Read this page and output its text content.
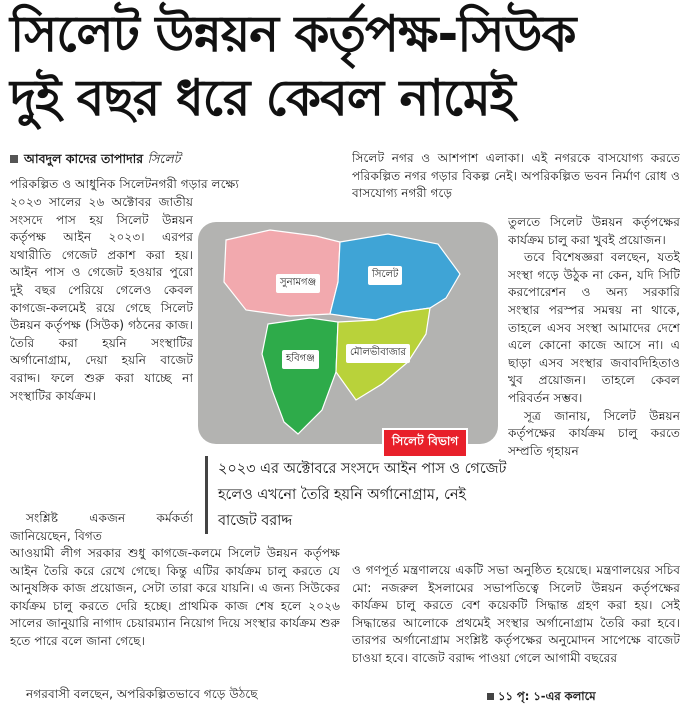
সিলেট উন্নয়ন কর্তৃপক্ষ-সিউক
দুই বছর ধরে কেবল নামেই
আবদুল কাদের তাপাদার সিলেট
পরিকল্পিত ও আধুনিক সিলেটনগরী গড়ার লক্ষ্যে

২০২৩ সালের ২৬ অক্টোবর জাতীয় সংসদে পাস হয় সিলেট উন্নয়ন কর্তৃপক্ষ আইন ২০২৩। এরপর যথারীতি গেজেট প্রকাশ করা হয়। আইন পাস ও গেজেট হওয়ার পুরো দুই বছর পেরিয়ে গেলেও কেবল কাগজে-কলমেই রয়ে গেছে সিলেট উন্নয়ন কর্তৃপক্ষ (সিউক) গঠনের কাজ। তৈরি করা হয়নি সংস্থাটির অর্গানোগ্রাম, দেয়া হয়নি বাজেট বরাদ্দ। ফলে শুরু করা যাচ্ছে না সংস্থাটির কার্যক্রম।

সংশ্লিষ্ট একজন কর্মকর্তা জানিয়েছেন, বিগত
আওয়ামী লীগ সরকার শুধু কাগজে-কলমে সিলেট উন্নয়ন কর্তৃপক্ষ আইন তৈরি করে রেখে গেছে। কিন্তু এটির কার্যক্রম চালু করতে যে আনুষঙ্গিক কাজ প্রয়োজন, সেটা তারা করে যায়নি। এ জন্য সিউকের কার্যক্রম চালু করতে দেরি হচ্ছে। প্রাথমিক কাজ শেষ হলে ২০২৬ সালের জানুয়ারি নাগাদ চেয়ারম্যান নিয়োগ দিয়ে সংস্থার কার্যক্রম শুরু হতে পারে বলে জানা গেছে।
নগরবাসী বলছেন, অপরিকল্পিতভাবে গড়ে উঠছে
সিলেট নগর ও আশপাশ এলাকা। এই নগরকে বাসযোগ্য করতে পরিকল্পিত নগর গড়ার বিকল্প নেই। অপরিকল্পিত ভবন নির্মাণ রোধ ও বাসযোগ্য নগরী গড়ে

তুলতে সিলেট উন্নয়ন কর্তৃপক্ষের কার্যক্রম চালু করা খুবই প্রয়োজন।

তবে বিশেষজ্ঞরা বলছেন, যতই সংস্থা গড়ে উঠুক না কেন, যদি সিটি করপোরেশন ও অন্য সরকারি সংস্থার পরস্পর সমন্বয় না থাকে, তাহলে এসব সংস্থা আমাদের দেশে এলে কোনো কাজে আসে না। এ ছাড়া এসব সংস্থার জবাবদিহিতাও খুব প্রয়োজন। তাহলে কেবল পরিবর্তন সম্ভব।

সূত্র জানায়, সিলেট উন্নয়ন কর্তৃপক্ষের কার্যক্রম চালু করতে সম্প্রতি গৃহায়ন

ও গণপূর্ত মন্ত্রণালয়ে একটি সভা অনুষ্ঠিত হয়েছে। মন্ত্রণালয়ের সচিব মো: নজরুল ইসলামের সভাপতিত্বে সিলেট উন্নয়ন কর্তৃপক্ষের কার্যক্রম চালু করতে বেশ কয়েকটি সিদ্ধান্ত গ্রহণ করা হয়। সেই সিদ্ধান্তের আলোকে প্রথমেই সংস্থার অর্গানোগ্রাম তৈরি করা হবে। তারপর অর্গানোগ্রাম সংশ্লিষ্ট কর্তৃপক্ষের অনুমোদন সাপেক্ষে বাজেট চাওয়া হবে। বাজেট বরাদ্দ পাওয়া গেলে আগামী বছরের
সুনামগঞ্জ
সিলেট
হবিগঞ্জ
মৌলভীবাজার
সিলেট বিভাগ
২০২৩ এর অক্টোবরে সংসদে আইন পাস ও গেজেট হলেও এখনো তৈরি হয়নি অর্গানোগ্রাম, নেই বাজেট বরাদ্দ
১১ পৃ: ১-এর কলামে
